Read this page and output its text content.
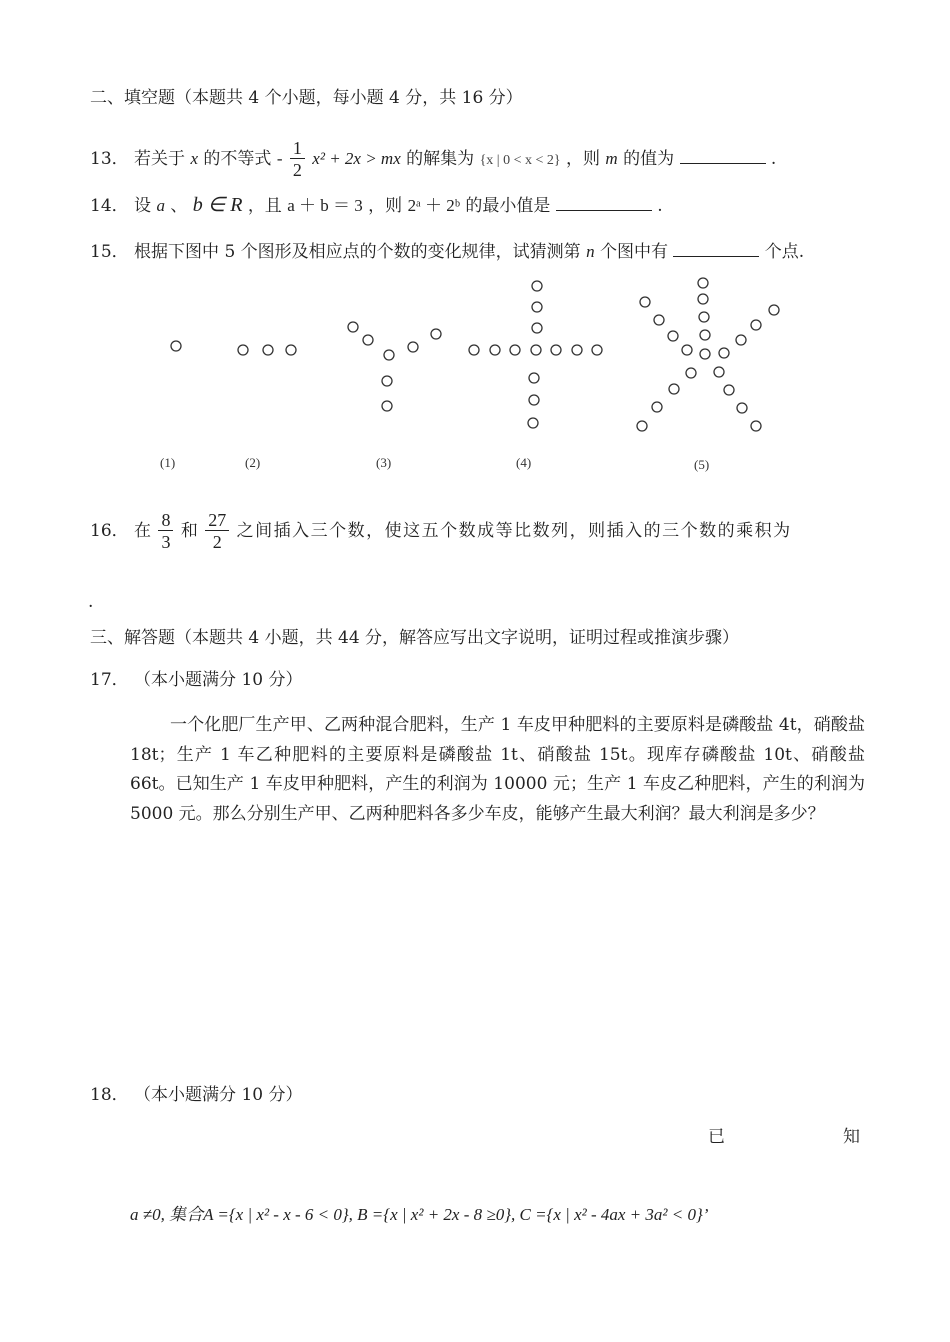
二、填空题（本题共 4 个小题，每小题 4 分，共 16 分）
13． 若关于 x 的不等式 - $\frac{1}{2} x^2 + 2x$ > mx 的解集为 {x | 0 < x < 2} ，则 m 的值为	.
14． 设 a 、 b ∈ R ，且 a ＋ b ＝ 3 ，则 2ᵃ ＋ 2ᵇ 的最小值是	.
15． 根据下图中 5 个图形及相应点的个数的变化规律，试猜测第 n 个图中有	个点.
(1)	(2)	(3)	(4)	(5)
16． 在 $\frac{8}{3}$ 和 $\frac{27}{2}$ 之间插入三个数，使这五个数成等比数列，则插入的三个数的乘积为
.
三、解答题（本题共 4 小题，共 44 分，解答应写出文字说明，证明过程或推演步骤）
17． （本小题满分 10 分）
一个化肥厂生产甲、乙两种混合肥料，生产 1 车皮甲种肥料的主要原料是磷酸盐 4t，硝酸盐 18t；生产 1 车乙种肥料的主要原料是磷酸盐 1t、硝酸盐 15t。现库存磷酸盐 10t、硝酸盐 66t。已知生产 1 车皮甲种肥料，产生的利润为 10000 元；生产 1 车皮乙种肥料，产生的利润为 5000 元。那么分别生产甲、乙两种肥料各多少车皮，能够产生最大利润？最大利润是多少？
18． （本小题满分 10 分）
已	知
a ≠0, 集合A ={x | x² - x - 6 < 0}, B ={x | x² + 2x - 8 ≥0}, C ={x | x² - 4ax + 3a² < 0}’
